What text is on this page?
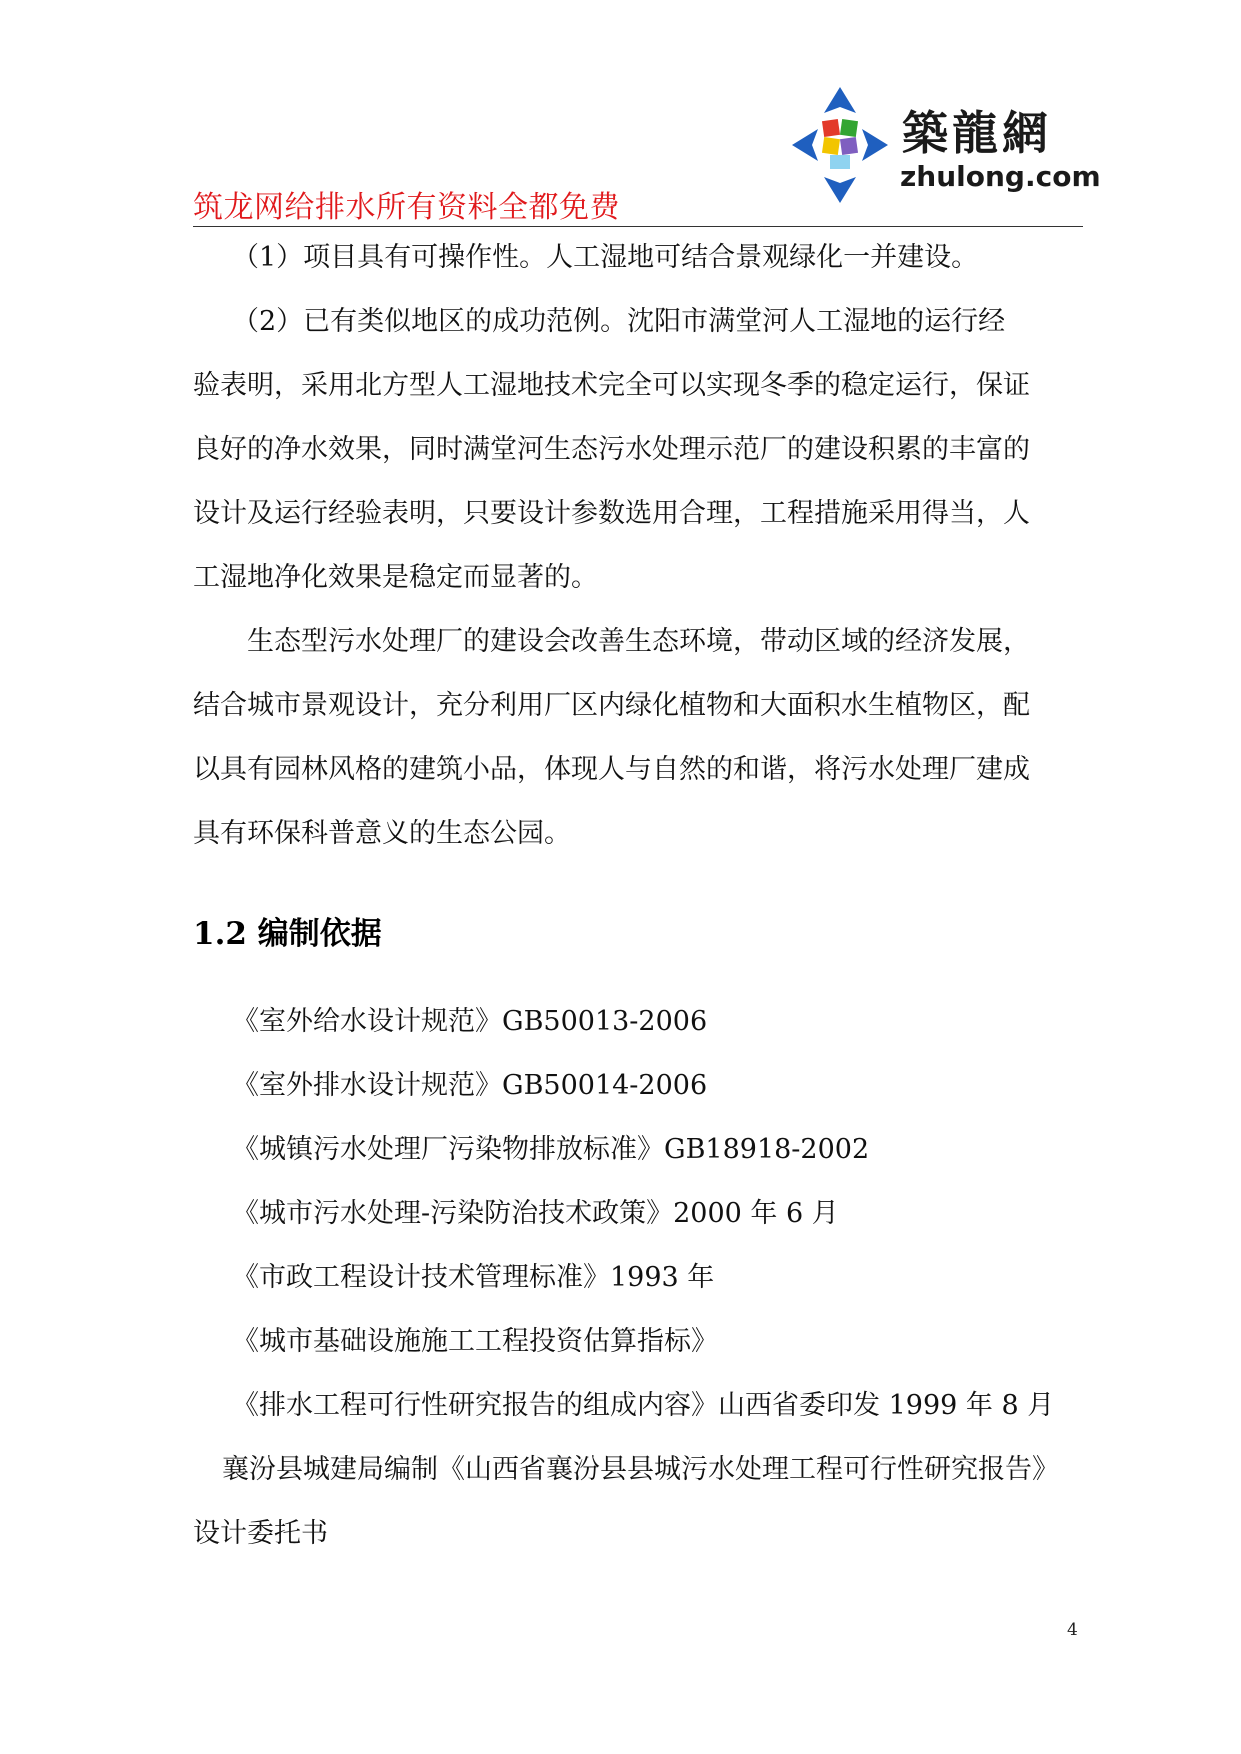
築龍網
zhulong.com
筑龙网给排水所有资料全都免费
（1）项目具有可操作性。人工湿地可结合景观绿化一并建设。
（2）已有类似地区的成功范例。沈阳市满堂河人工湿地的运行经
验表明，采用北方型人工湿地技术完全可以实现冬季的稳定运行，保证
良好的净水效果，同时满堂河生态污水处理示范厂的建设积累的丰富的
设计及运行经验表明，只要设计参数选用合理，工程措施采用得当，人
工湿地净化效果是稳定而显著的。
生态型污水处理厂的建设会改善生态环境，带动区域的经济发展，
结合城市景观设计，充分利用厂区内绿化植物和大面积水生植物区，配
以具有园林风格的建筑小品，体现人与自然的和谐，将污水处理厂建成
具有环保科普意义的生态公园。
1.2 编制依据
《室外给水设计规范》GB50013-2006
《室外排水设计规范》GB50014-2006
《城镇污水处理厂污染物排放标准》GB18918-2002
《城市污水处理-污染防治技术政策》2000 年 6 月
《市政工程设计技术管理标准》1993 年
《城市基础设施施工工程投资估算指标》
《排水工程可行性研究报告的组成内容》山西省委印发 1999 年 8 月
襄汾县城建局编制《山西省襄汾县县城污水处理工程可行性研究报告》
设计委托书
4
